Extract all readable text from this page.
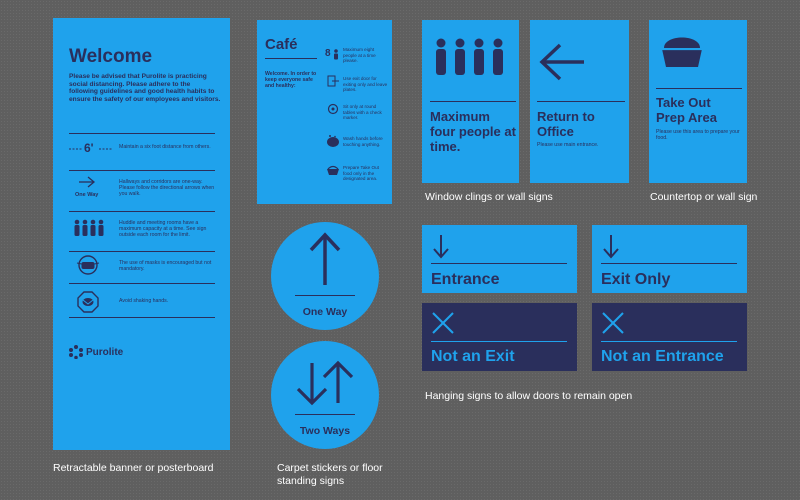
Welcome
Please be advised that Purolite is practicing social distancing. Please adhere to the following guidelines and good health habits to ensure the safety of our employees and visitors.
6'	Maintain a six foot distance from others.
One Way
Hallways and corridors are one-way. Please follow the directional arrows when you walk.
Huddle and meeting rooms have a maximum capacity at a time. See sign outside each room for the limit.
The use of masks is encouraged but not mandatory.
Avoid shaking hands.
Purolite
Retractable banner or posterboard
Café
Welcome. In order to keep everyone safe and healthy:
8	Maximum eight people at a time please.
Use exit door for exiting only and leave plates.
Sit only at round tables with a check marker.
Wash hands before touching anything.
Prepare Take Out food only in the designated area.
Maximum four people at time.
Return to Office
Please use main entrance.
Window clings or wall signs
Take Out Prep Area
Please use this area to prepare your food.
Countertop or wall sign
One Way
Two Ways
Carpet stickers or floor standing signs
Entrance	Exit Only
Not an Exit	Not an Entrance
Hanging signs to allow doors to remain open
